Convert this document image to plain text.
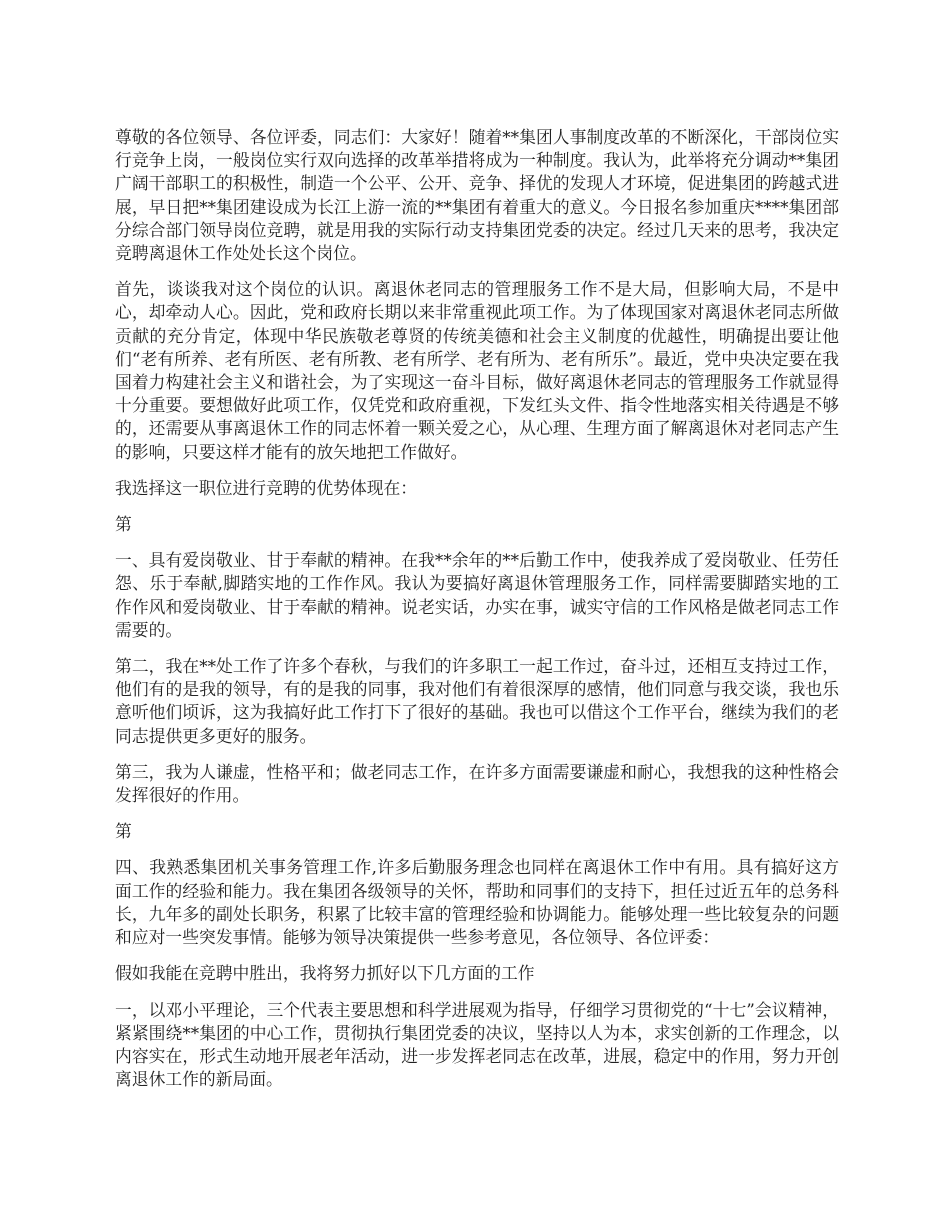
尊敬的各位领导、各位评委，同志们：大家好！随着**集团人事制度改革的不断深化，干部岗位实行竞争上岗，一般岗位实行双向选择的改革举措将成为一种制度。我认为，此举将充分调动**集团广阔干部职工的积极性，制造一个公平、公开、竞争、择优的发现人才环境，促进集团的跨越式进展，早日把**集团建设成为长江上游一流的**集团有着重大的意义。今日报名参加重庆****集团部分综合部门领导岗位竞聘，就是用我的实际行动支持集团党委的决定。经过几天来的思考，我决定竞聘离退休工作处处长这个岗位。

首先，谈谈我对这个岗位的认识。离退休老同志的管理服务工作不是大局，但影响大局，不是中心，却牵动人心。因此，党和政府长期以来非常重视此项工作。为了体现国家对离退休老同志所做贡献的充分肯定，体现中华民族敬老尊贤的传统美德和社会主义制度的优越性，明确提出要让他们“老有所养、老有所医、老有所教、老有所学、老有所为、老有所乐”。最近，党中央决定要在我国着力构建社会主义和谐社会，为了实现这一奋斗目标，做好离退休老同志的管理服务工作就显得十分重要。要想做好此项工作，仅凭党和政府重视，下发红头文件、指令性地落实相关待遇是不够的，还需要从事离退休工作的同志怀着一颗关爱之心，从心理、生理方面了解离退休对老同志产生的影响，只要这样才能有的放矢地把工作做好。

我选择这一职位进行竞聘的优势体现在：

第

一、具有爱岗敬业、甘于奉献的精神。在我**余年的**后勤工作中，使我养成了爱岗敬业、任劳任怨、乐于奉献,脚踏实地的工作作风。我认为要搞好离退休管理服务工作，同样需要脚踏实地的工作作风和爱岗敬业、甘于奉献的精神。说老实话，办实在事，诚实守信的工作风格是做老同志工作需要的。

第二，我在**处工作了许多个春秋，与我们的许多职工一起工作过，奋斗过，还相互支持过工作，他们有的是我的领导，有的是我的同事，我对他们有着很深厚的感情，他们同意与我交谈，我也乐意听他们顷诉，这为我搞好此工作打下了很好的基础。我也可以借这个工作平台，继续为我们的老同志提供更多更好的服务。

第三，我为人谦虚，性格平和；做老同志工作，在许多方面需要谦虚和耐心，我想我的这种性格会发挥很好的作用。

第

四、我熟悉集团机关事务管理工作,许多后勤服务理念也同样在离退休工作中有用。具有搞好这方面工作的经验和能力。我在集团各级领导的关怀，帮助和同事们的支持下，担任过近五年的总务科长，九年多的副处长职务，积累了比较丰富的管理经验和协调能力。能够处理一些比较复杂的问题和应对一些突发事情。能够为领导决策提供一些参考意见，各位领导、各位评委：

假如我能在竞聘中胜出，我将努力抓好以下几方面的工作

一，以邓小平理论，三个代表主要思想和科学进展观为指导，仔细学习贯彻党的“十七”会议精神，紧紧围绕**集团的中心工作，贯彻执行集团党委的决议，坚持以人为本，求实创新的工作理念，以内容实在，形式生动地开展老年活动，进一步发挥老同志在改革，进展，稳定中的作用，努力开创离退休工作的新局面。
